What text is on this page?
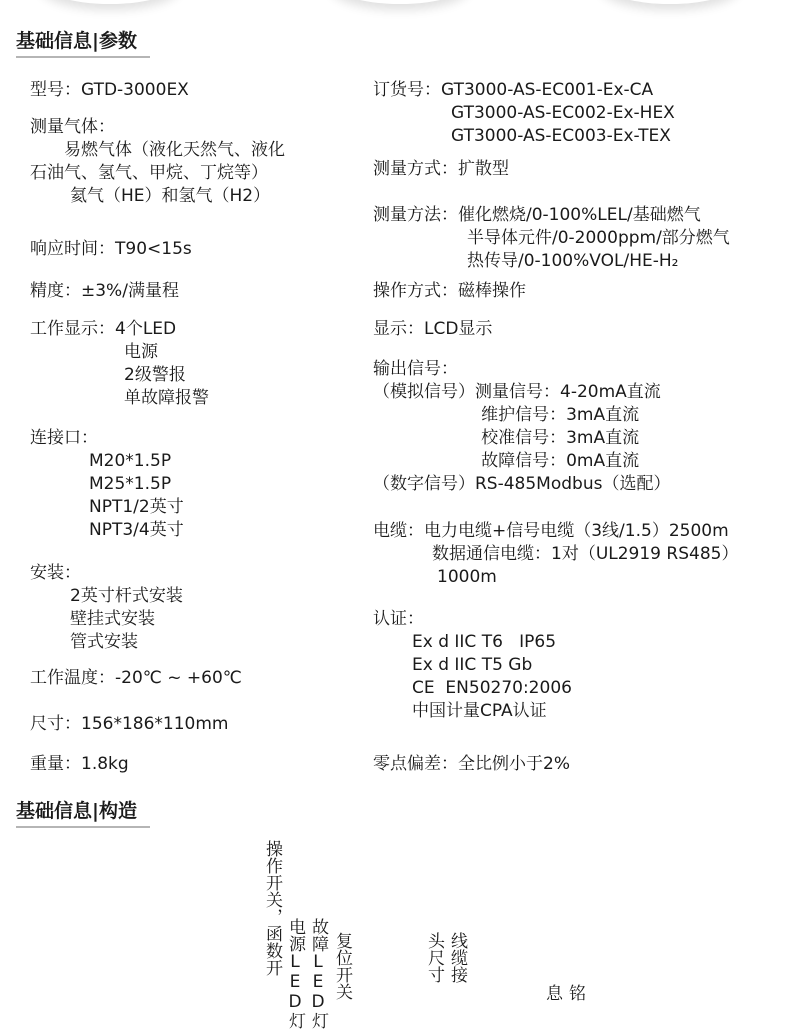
基础信息|参数
型号：GTD-3000EX
测量气体：
易燃气体（液化天然气、液化
石油气、氢气、甲烷、丁烷等）
氦气（HE）和氢气（H2）
响应时间：T90<15s
精度：±3%/满量程
工作显示：4个LED
电源
2级警报
单故障报警
连接口：
M20*1.5P
M25*1.5P
NPT1/2英寸
NPT3/4英寸
安装：
2英寸杆式安装
壁挂式安装
管式安装
工作温度：-20℃ ~ +60℃
尺寸：156*186*110mm
重量：1.8kg
订货号：GT3000-AS-EC001-Ex-CA
GT3000-AS-EC002-Ex-HEX
GT3000-AS-EC003-Ex-TEX
测量方式：扩散型
测量方法：催化燃烧/0-100%LEL/基础燃气
半导体元件/0-2000ppm/部分燃气
热传导/0-100%VOL/HE-H₂
操作方式：磁棒操作
显示：LCD显示
输出信号：
（模拟信号）测量信号：4-20mA直流
维护信号：3mA直流
校准信号：3mA直流
故障信号：0mA直流
（数字信号）RS-485Modbus（选配）
电缆：电力电缆+信号电缆（3线/1.5）2500m
数据通信电缆：1对（UL2919 RS485）
1000m
认证：
Ex d IIC T6   IP65
Ex d IIC T5 Gb
CE  EN50270:2006
中国计量CPA认证
零点偏差：全比例小于2%
基础信息|构造
操作开关，函数开 电源LED灯 故障LED灯 复位开关	头尺寸 线缆接
息 铭
